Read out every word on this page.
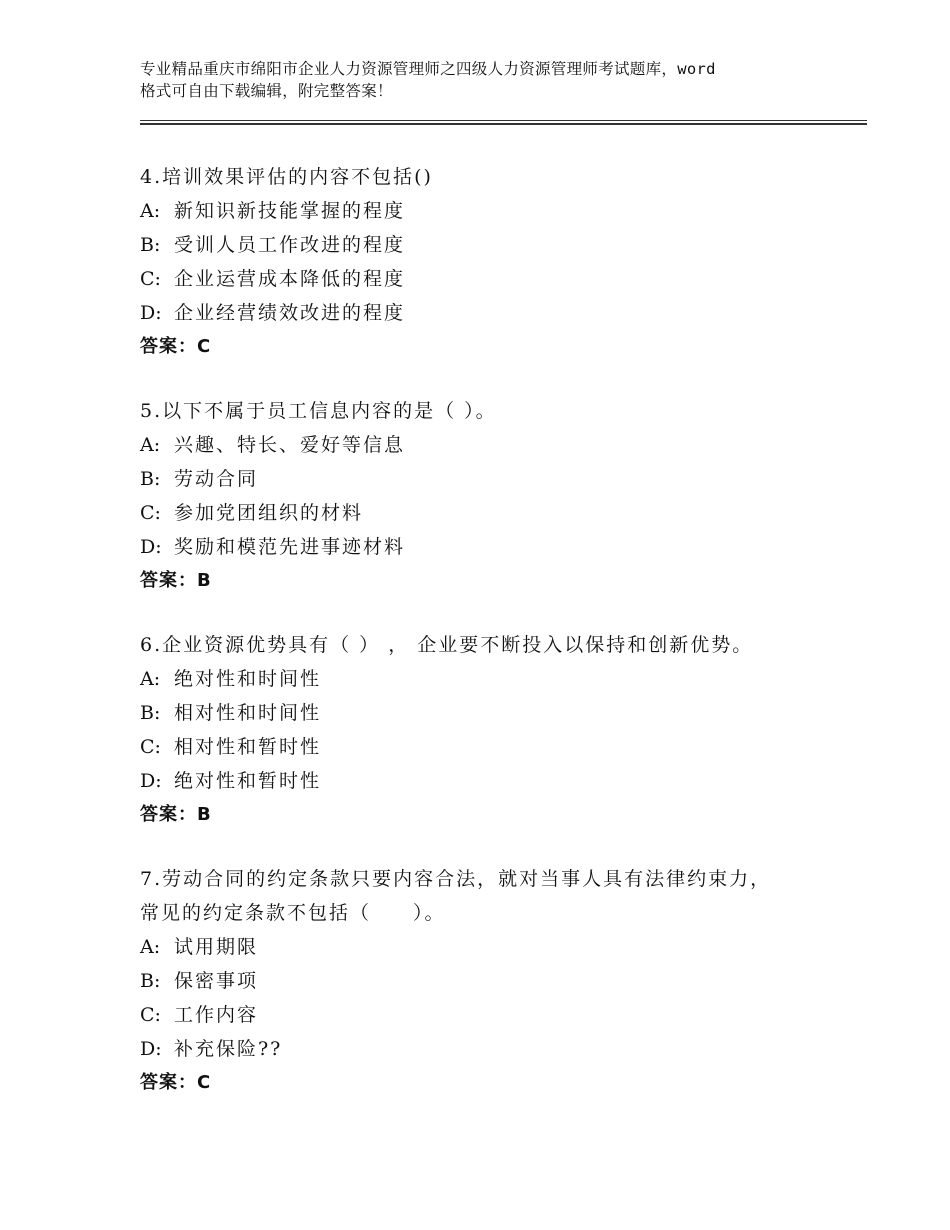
专业精品重庆市绵阳市企业人力资源管理师之四级人力资源管理师考试题库，word
格式可自由下载编辑，附完整答案！
4.培训效果评估的内容不包括()
A: 新知识新技能掌握的程度
B: 受训人员工作改进的程度
C: 企业运营成本降低的程度
D: 企业经营绩效改进的程度
答案：C
5.以下不属于员工信息内容的是（ ）。
A: 兴趣、特长、爱好等信息
B: 劳动合同
C: 参加党团组织的材料
D: 奖励和模范先进事迹材料
答案：B
6.企业资源优势具有（ ） ， 企业要不断投入以保持和创新优势。
A: 绝对性和时间性
B: 相对性和时间性
C: 相对性和暂时性
D: 绝对性和暂时性
答案：B
7.劳动合同的约定条款只要内容合法，就对当事人具有法律约束力，
常见的约定条款不包括（　　）。
A: 试用期限
B: 保密事项
C: 工作内容
D: 补充保险??
答案：C
